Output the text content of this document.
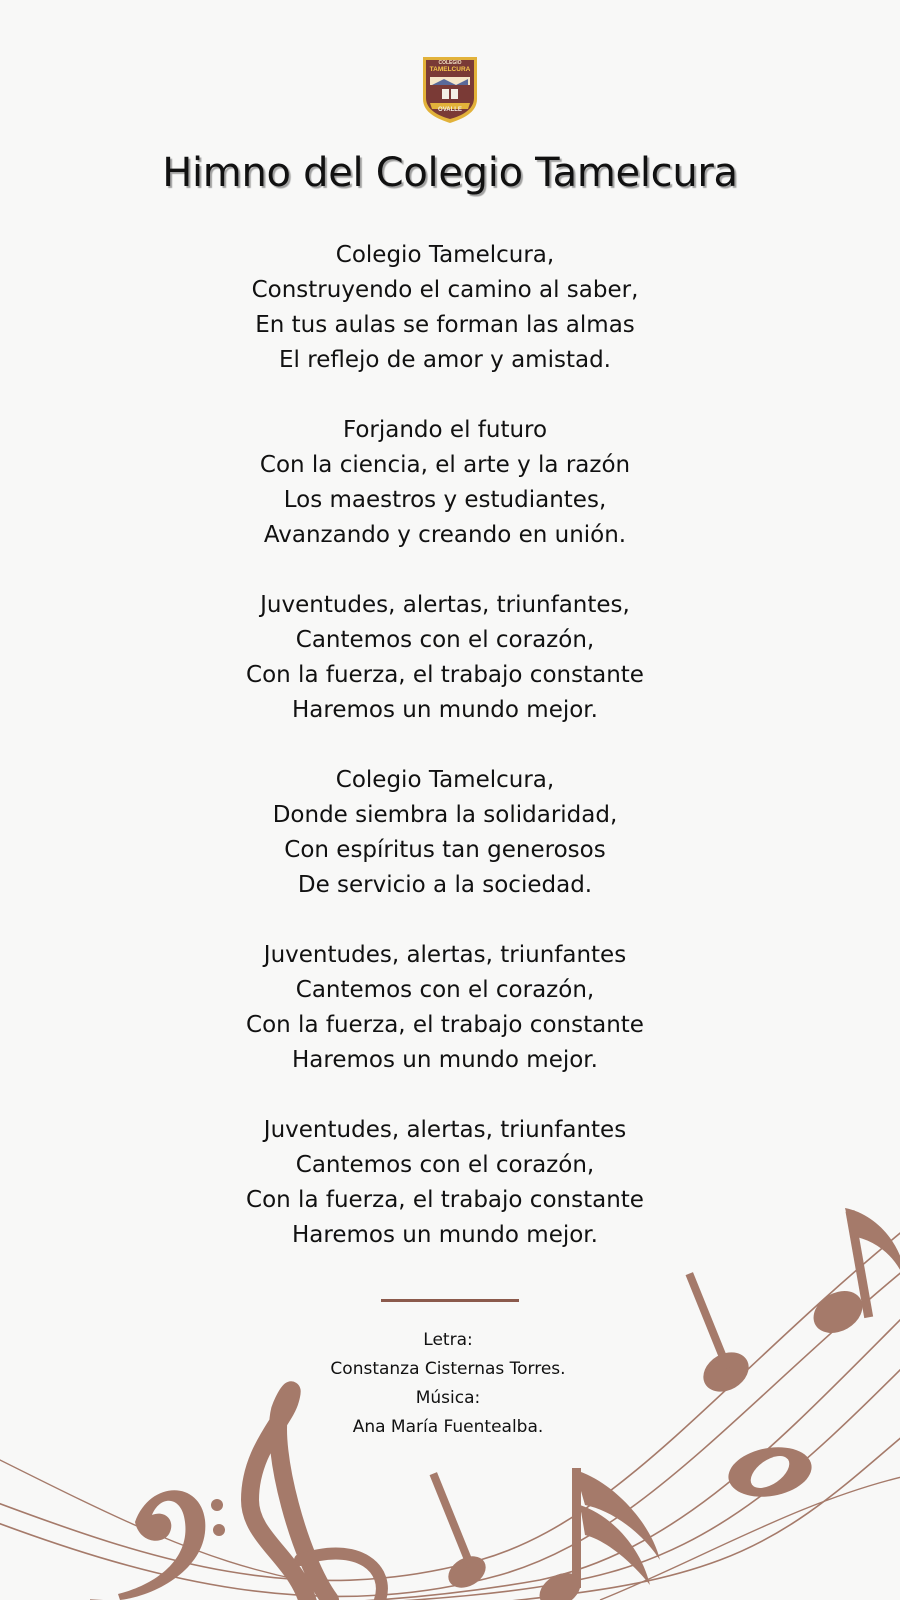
COLEGIO
TAMELCURA
OVALLE
Himno del Colegio Tamelcura
Colegio Tamelcura,
Construyendo el camino al saber,
En tus aulas se forman las almas
El reflejo de amor y amistad.
Forjando el futuro
Con la ciencia, el arte y la razón
Los maestros y estudiantes,
Avanzando y creando en unión.
Juventudes, alertas, triunfantes,
Cantemos con el corazón,
Con la fuerza, el trabajo constante
Haremos un mundo mejor.
Colegio Tamelcura,
Donde siembra la solidaridad,
Con espíritus tan generosos
De servicio a la sociedad.
Juventudes, alertas, triunfantes
Cantemos con el corazón,
Con la fuerza, el trabajo constante
Haremos un mundo mejor.
Juventudes, alertas, triunfantes
Cantemos con el corazón,
Con la fuerza, el trabajo constante
Haremos un mundo mejor.
Letra:
Constanza Cisternas Torres.
Música:
Ana María Fuentealba.
